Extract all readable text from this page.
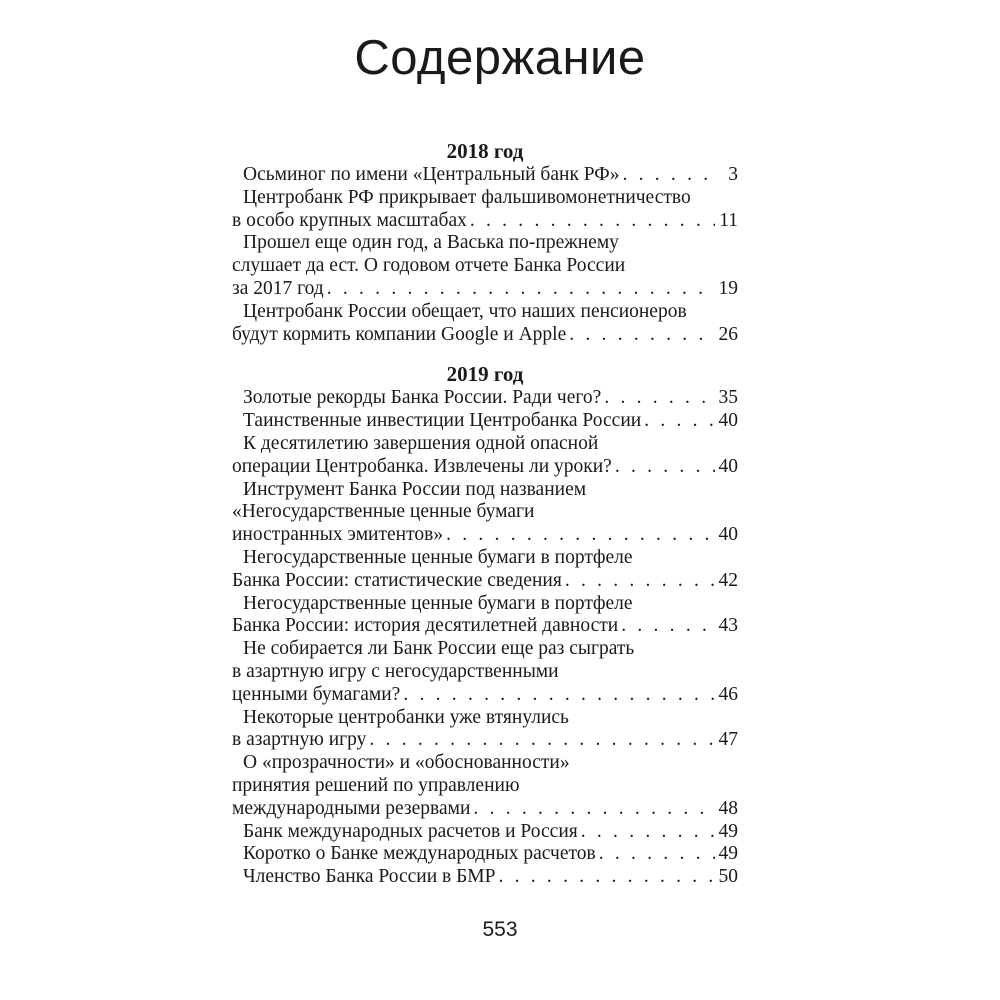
Содержание
2018 год
Осьминог по имени «Центральный банк РФ» . . .	3
Центробанк РФ прикрывает фальшивомонетничество
в особо крупных масштабах . . .	11
Прошел еще один год, а Васька по-прежнему
слушает да ест. О годовом отчете Банка России
за 2017 год . . .	19
Центробанк России обещает, что наших пенсионеров
будут кормить компании Google и Apple . . .	26
2019 год
Золотые рекорды Банка России. Ради чего? . . .	35
Таинственные инвестиции Центробанка России . . .	40
К десятилетию завершения одной опасной
операции Центробанка. Извлечены ли уроки? . . .	40
Инструмент Банка России под названием
«Негосударственные ценные бумаги
иностранных эмитентов» . . .	40
Негосударственные ценные бумаги в портфеле
Банка России: статистические сведения . . .	42
Негосударственные ценные бумаги в портфеле
Банка России: история десятилетней давности . . .	43
Не собирается ли Банк России еще раз сыграть
в азартную игру с негосударственными
ценными бумагами? . . .	46
Некоторые центробанки уже втянулись
в азартную игру . . .	47
О «прозрачности» и «обоснованности»
принятия решений по управлению
международными резервами . . .	48
Банк международных расчетов и Россия . . .	49
Коротко о Банке международных расчетов . . .	49
Членство Банка России в БМР . . .	50
553
